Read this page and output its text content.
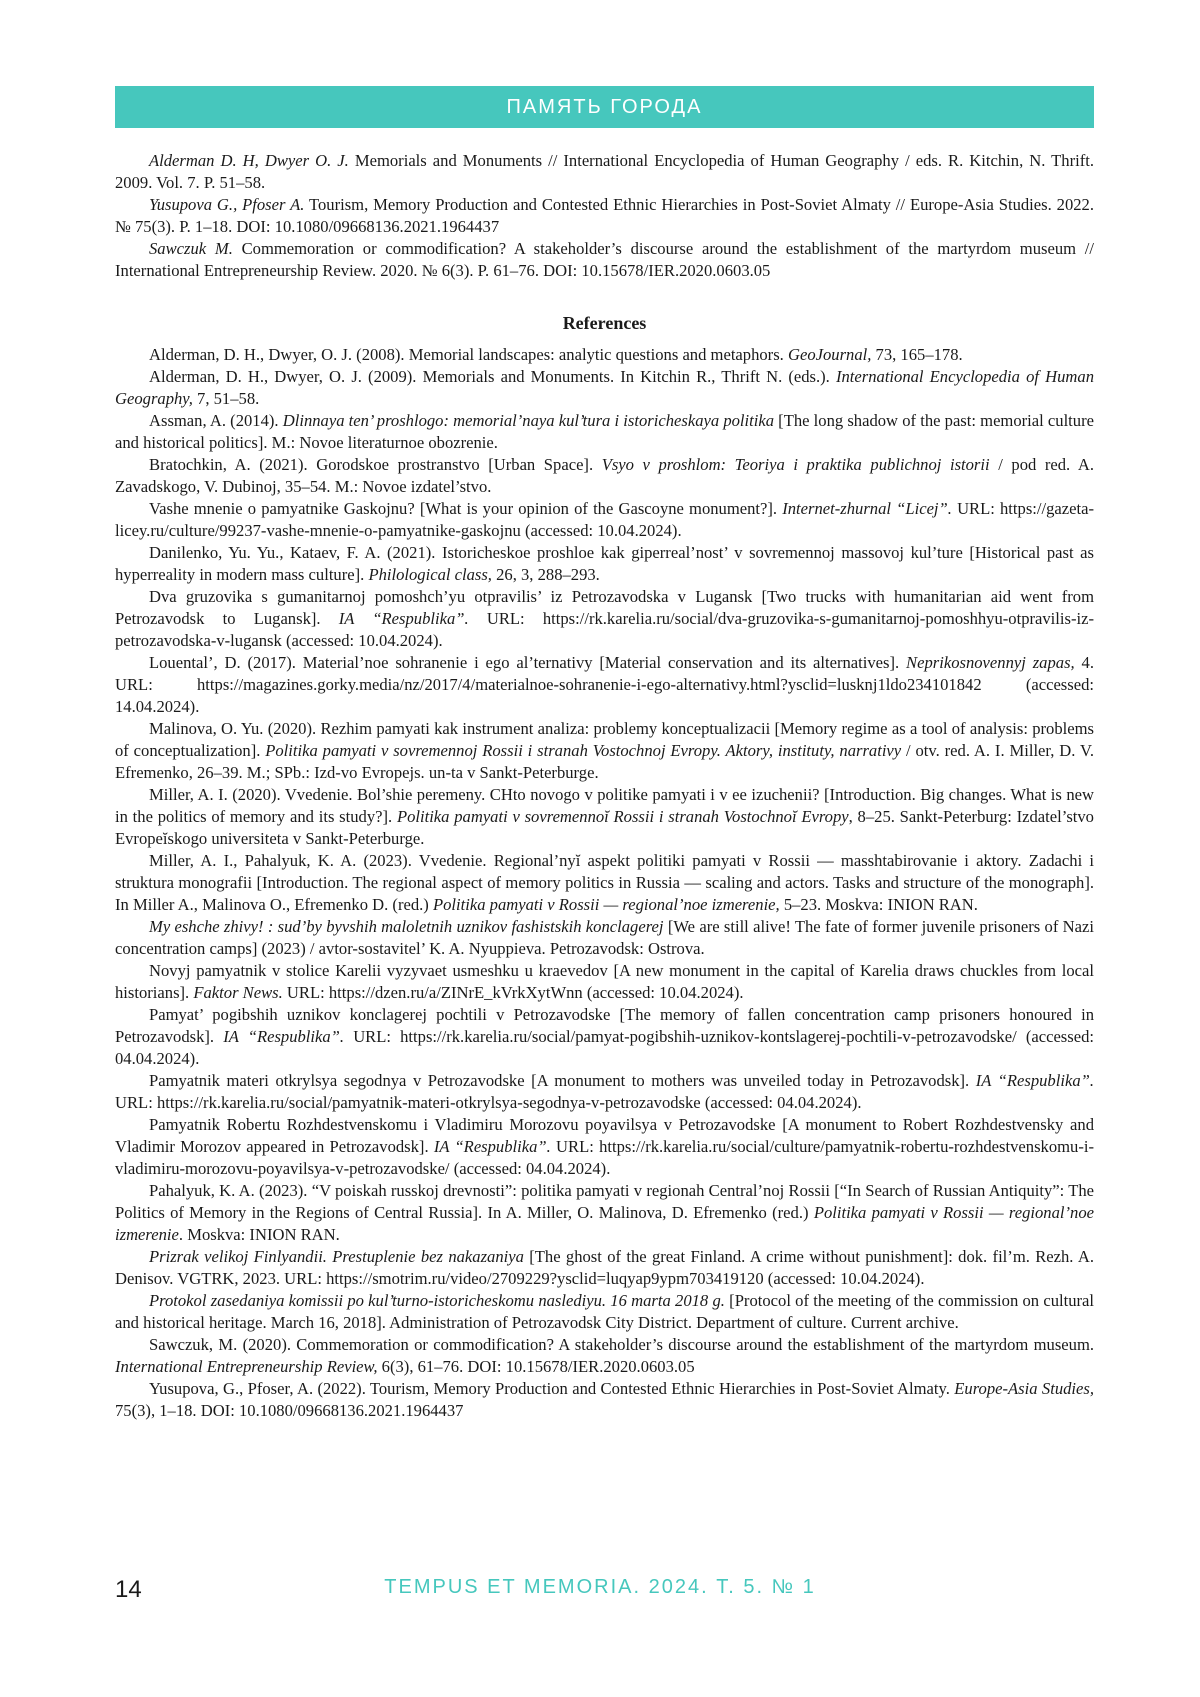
ПАМЯТЬ ГОРОДА

Alderman D. H, Dwyer O. J. Memorials and Monuments // International Encyclopedia of Human Geography / eds. R. Kitchin, N. Thrift. 2009. Vol. 7. P. 51–58.

Yusupova G., Pfoser A. Tourism, Memory Production and Contested Ethnic Hierarchies in Post-Soviet Almaty // Europe-Asia Studies. 2022. № 75(3). P. 1–18. DOI: 10.1080/09668136.2021.1964437

Sawczuk M. Commemoration or commodification? A stakeholder’s discourse around the establishment of the martyrdom museum // International Entrepreneurship Review. 2020. № 6(3). P. 61–76. DOI: 10.15678/IER.2020.0603.05

References

Alderman, D. H., Dwyer, O. J. (2008). Memorial landscapes: analytic questions and metaphors. GeoJournal, 73, 165–178.

Alderman, D. H., Dwyer, O. J. (2009). Memorials and Monuments. In Kitchin R., Thrift N. (eds.). International Encyclopedia of Human Geography, 7, 51–58.

Assman, A. (2014). Dlinnaya ten’ proshlogo: memorial’naya kul’tura i istoricheskaya politika [The long shadow of the past: memorial culture and historical politics]. M.: Novoe literaturnoe obozrenie.

Bratochkin, A. (2021). Gorodskoe prostranstvo [Urban Space]. Vsyo v proshlom: Teoriya i praktika publichnoj istorii / pod red. A. Zavadskogo, V. Dubinoj, 35–54. M.: Novoe izdatel’stvo.

Vashe mnenie o pamyatnike Gaskojnu? [What is your opinion of the Gascoyne monument?]. Internet-zhurnal “Licej”. URL: https://gazeta-licey.ru/culture/99237-vashe-mnenie-o-pamyatnike-gaskojnu (accessed: 10.04.2024).

Danilenko, Yu. Yu., Kataev, F. A. (2021). Istoricheskoe proshloe kak giperreal’nost’ v sovremennoj massovoj kul’ture [Historical past as hyperreality in modern mass culture]. Philological class, 26, 3, 288–293.

Dva gruzovika s gumanitarnoj pomoshch’yu otpravilis’ iz Petrozavodska v Lugansk [Two trucks with humanitarian aid went from Petrozavodsk to Lugansk]. IA “Respublika”. URL: https://rk.karelia.ru/social/dva-gruzovika-s-gumanitarnoj-pomoshhyu-otpravilis-iz-petrozavodska-v-lugansk (accessed: 10.04.2024).

Louental’, D. (2017). Material’noe sohranenie i ego al’ternativy [Material conservation and its alternatives]. Neprikosnovennyj zapas, 4. URL: https://magazines.gorky.media/nz/2017/4/materialnoe-sohranenie-i-ego-alternativy.html?ysclid=lusknj1ldo234101842 (accessed: 14.04.2024).

Malinova, O. Yu. (2020). Rezhim pamyati kak instrument analiza: problemy konceptualizacii [Memory regime as a tool of analysis: problems of conceptualization]. Politika pamyati v sovremennoj Rossii i stranah Vostochnoj Evropy. Aktory, instituty, narrativy / otv. red. A. I. Miller, D. V. Efremenko, 26–39. M.; SPb.: Izd-vo Evropejs. un-ta v Sankt-Peterburge.

Miller, A. I. (2020). Vvedenie. Bol’shie peremeny. CHto novogo v politike pamyati i v ee izuchenii? [Introduction. Big changes. What is new in the politics of memory and its study?]. Politika pamyati v sovremennoĭ Rossii i stranah Vostochnoĭ Evropy, 8–25. Sankt-Peterburg: Izdatel’stvo Evropeĭskogo universiteta v Sankt-Peterburge.

Miller, A. I., Pahalyuk, K. A. (2023). Vvedenie. Regional’nyĭ aspekt politiki pamyati v Rossii — masshtabirovanie i aktory. Zadachi i struktura monografii [Introduction. The regional aspect of memory politics in Russia — scaling and actors. Tasks and structure of the monograph]. In Miller A., Malinova O., Efremenko D. (red.) Politika pamyati v Rossii — regional’noe izmerenie, 5–23. Moskva: INION RAN.

My eshche zhivy! : sud’by byvshih maloletnih uznikov fashistskih konclagerej [We are still alive! The fate of former juvenile prisoners of Nazi concentration camps] (2023) / avtor-sostavitel’ K. A. Nyuppieva. Petrozavodsk: Ostrova.

Novyj pamyatnik v stolice Karelii vyzyvaet usmeshku u kraevedov [A new monument in the capital of Karelia draws chuckles from local historians]. Faktor News. URL: https://dzen.ru/a/ZINrE_kVrkXytWnn (accessed: 10.04.2024).

Pamyat’ pogibshih uznikov konclagerej pochtili v Petrozavodske [The memory of fallen concentration camp prisoners honoured in Petrozavodsk]. IA “Respublika”. URL: https://rk.karelia.ru/social/pamyat-pogibshih-uznikov-kontslagerej-pochtili-v-petrozavodske/ (accessed: 04.04.2024).

Pamyatnik materi otkrylsya segodnya v Petrozavodske [A monument to mothers was unveiled today in Petrozavodsk]. IA “Respublika”. URL: https://rk.karelia.ru/social/pamyatnik-materi-otkrylsya-segodnya-v-petrozavodske (accessed: 04.04.2024).

Pamyatnik Robertu Rozhdestvenskomu i Vladimiru Morozovu poyavilsya v Petrozavodske [A monument to Robert Rozhdestvensky and Vladimir Morozov appeared in Petrozavodsk]. IA “Respublika”. URL: https://rk.karelia.ru/social/culture/pamyatnik-robertu-rozhdestvenskomu-i-vladimiru-morozovu-poyavilsya-v-petrozavodske/ (accessed: 04.04.2024).

Pahalyuk, K. A. (2023). “V poiskah russkoj drevnosti”: politika pamyati v regionah Central’noj Rossii [“In Search of Russian Antiquity”: The Politics of Memory in the Regions of Central Russia]. In A. Miller, O. Malinova, D. Efremenko (red.) Politika pamyati v Rossii — regional’noe izmerenie. Moskva: INION RAN.

Prizrak velikoj Finlyandii. Prestuplenie bez nakazaniya [The ghost of the great Finland. A crime without punishment]: dok. fil’m. Rezh. A. Denisov. VGTRK, 2023. URL: https://smotrim.ru/video/2709229?ysclid=luqyap9ypm703419120 (accessed: 10.04.2024).

Protokol zasedaniya komissii po kul’turno-istoricheskomu naslediyu. 16 marta 2018 g. [Protocol of the meeting of the commission on cultural and historical heritage. March 16, 2018]. Administration of Petrozavodsk City District. Department of culture. Current archive.

Sawczuk, M. (2020). Commemoration or commodification? A stakeholder’s discourse around the establishment of the martyrdom museum. International Entrepreneurship Review, 6(3), 61–76. DOI: 10.15678/IER.2020.0603.05

Yusupova, G., Pfoser, A. (2022). Tourism, Memory Production and Contested Ethnic Hierarchies in Post-Soviet Almaty. Europe-Asia Studies, 75(3), 1–18. DOI: 10.1080/09668136.2021.1964437

14	TEMPUS ET MEMORIA. 2024. Т. 5. № 1
